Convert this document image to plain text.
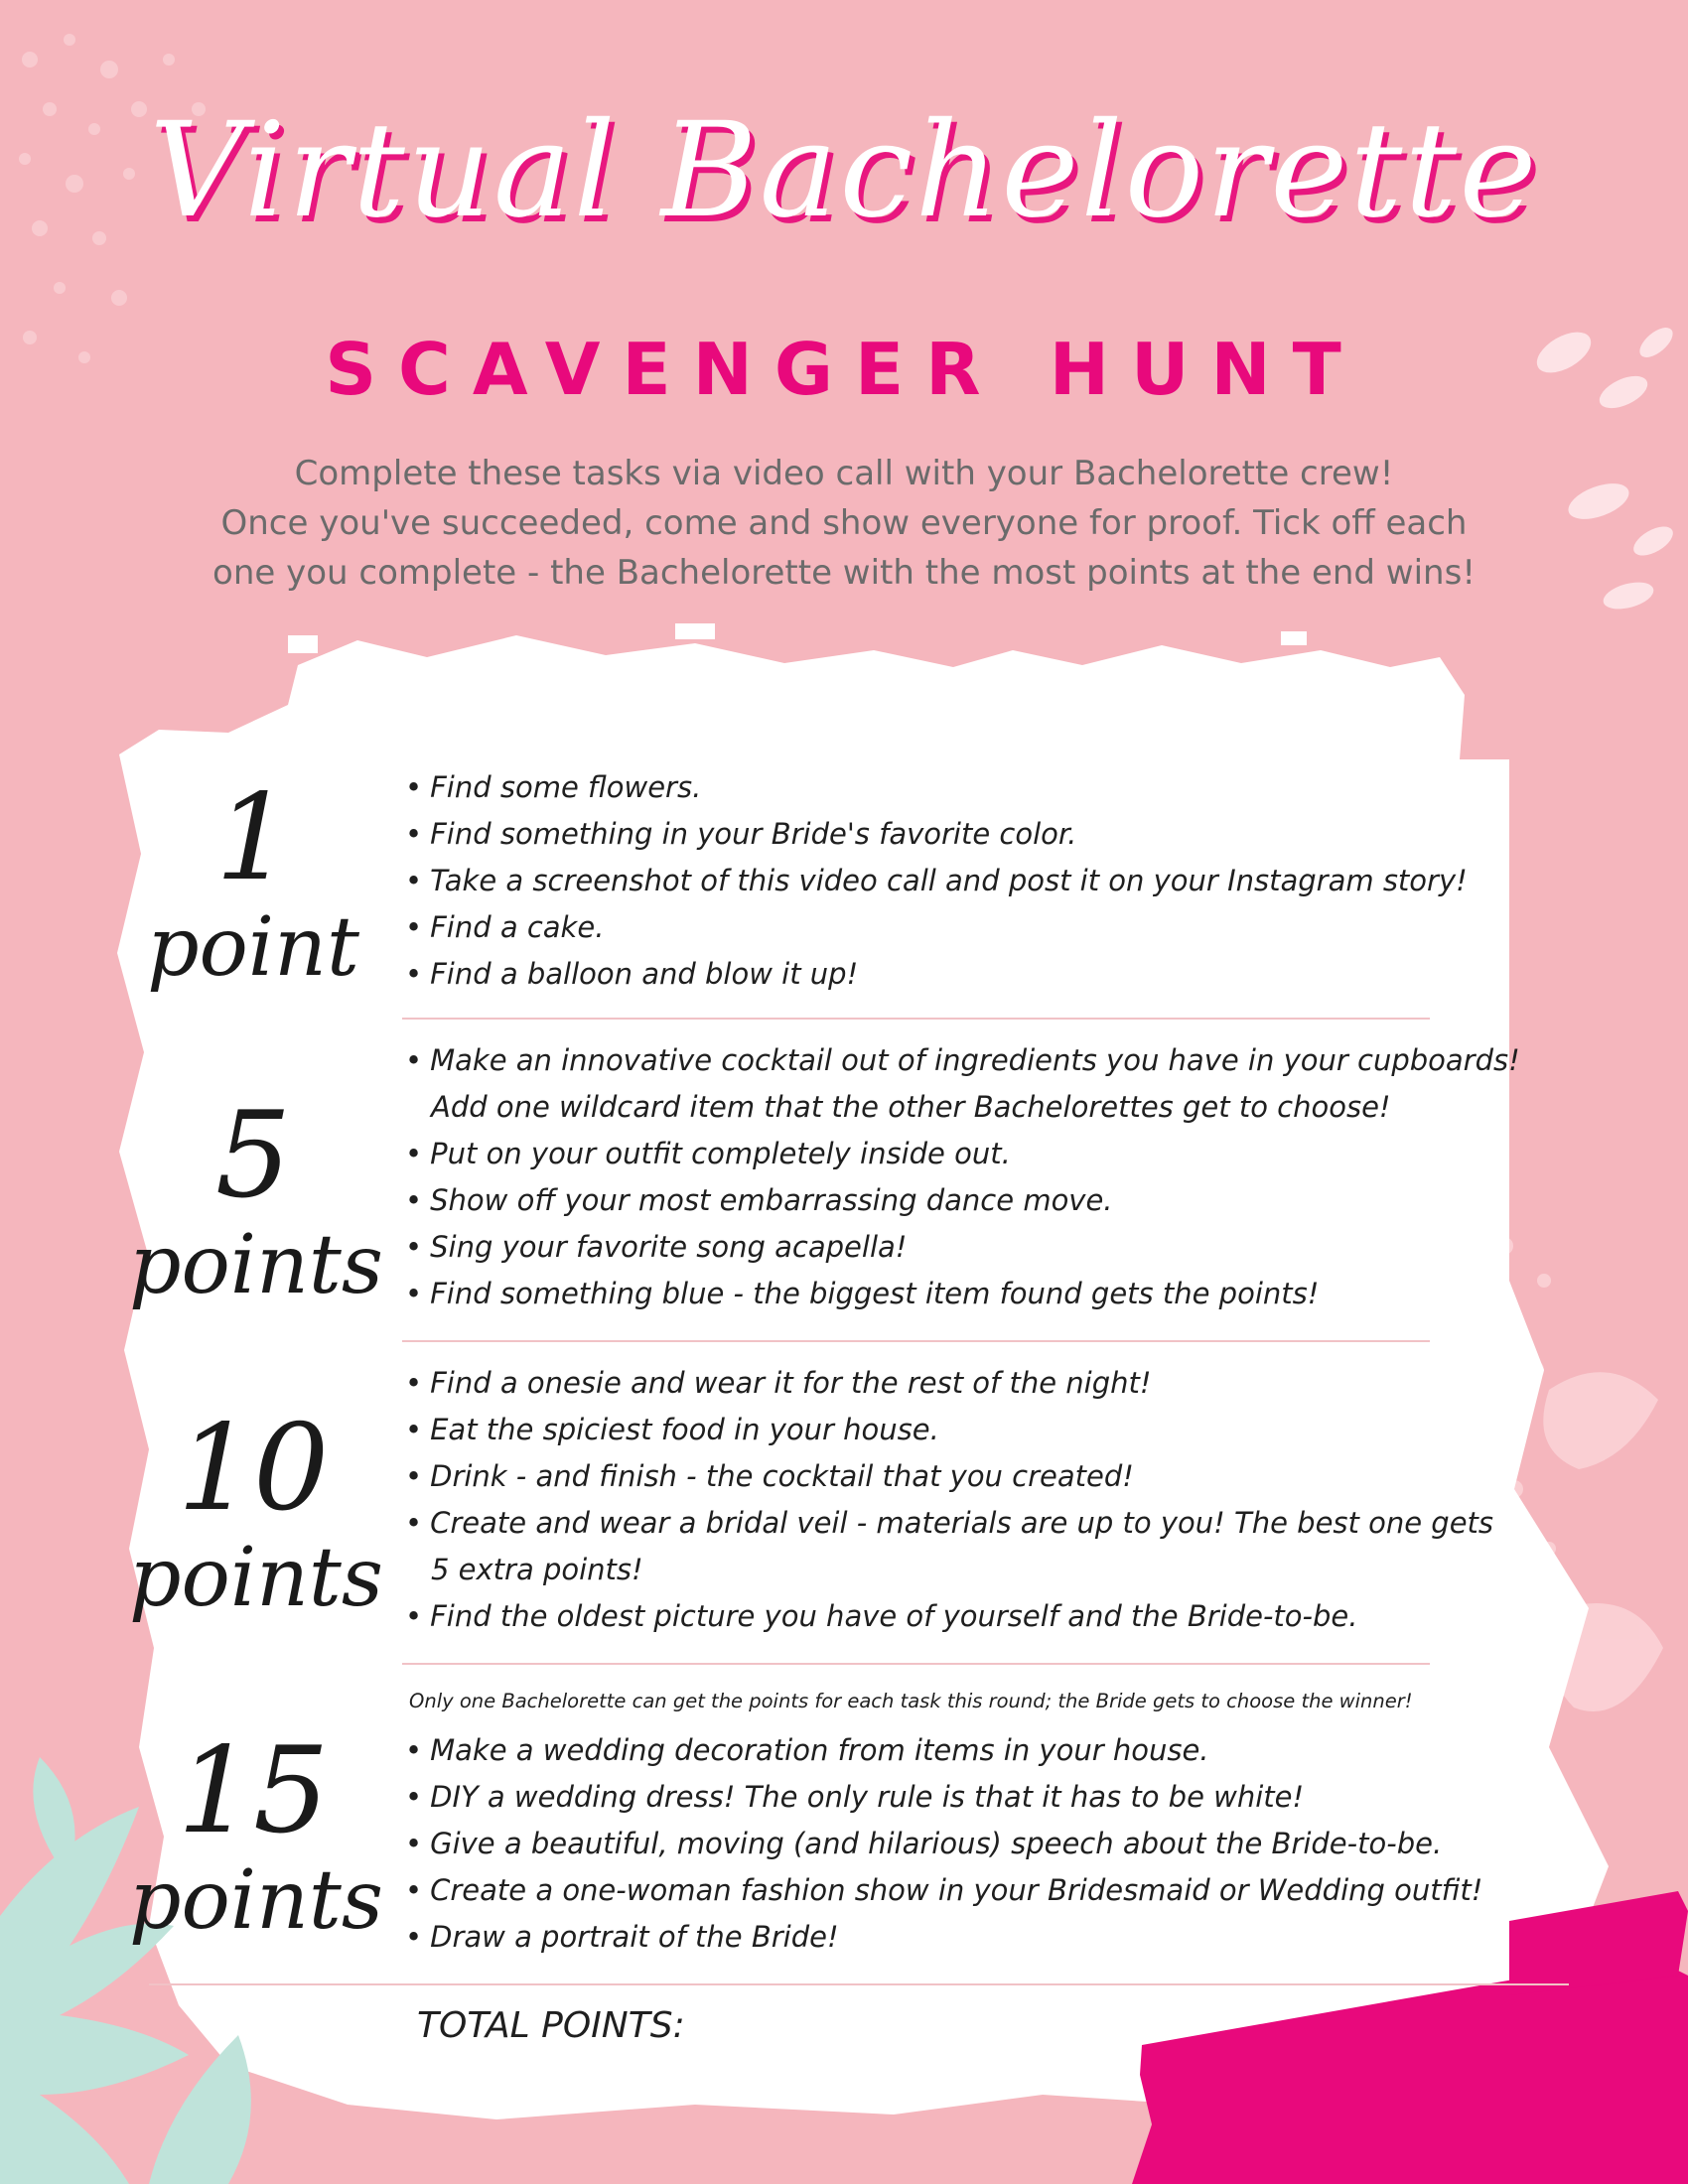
Virtual Bachelorette
SCAVENGER HUNT
Complete these tasks via video call with your Bachelorette crew!
Once you've succeeded, come and show everyone for proof. Tick off each
one you complete - the Bachelorette with the most points at the end wins!
1
point
• Find some flowers.
• Find something in your Bride's favorite color.
• Take a screenshot of this video call and post it on your Instagram story!
• Find a cake.
• Find a balloon and blow it up!
5
points
• Make an innovative cocktail out of ingredients you have in your cupboards!
Add one wildcard item that the other Bachelorettes get to choose!
• Put on your outfit completely inside out.
• Show off your most embarrassing dance move.
• Sing your favorite song acapella!
• Find something blue - the biggest item found gets the points!
10
points
• Find a onesie and wear it for the rest of the night!
• Eat the spiciest food in your house.
• Drink - and finish - the cocktail that you created!
• Create and wear a bridal veil - materials are up to you! The best one gets
5 extra points!
• Find the oldest picture you have of yourself and the Bride-to-be.
Only one Bachelorette can get the points for each task this round; the Bride gets to choose the winner!
15
points
• Make a wedding decoration from items in your house.
• DIY a wedding dress! The only rule is that it has to be white!
• Give a beautiful, moving (and hilarious) speech about the Bride-to-be.
• Create a one-woman fashion show in your Bridesmaid or Wedding outfit!
• Draw a portrait of the Bride!
TOTAL POINTS:
